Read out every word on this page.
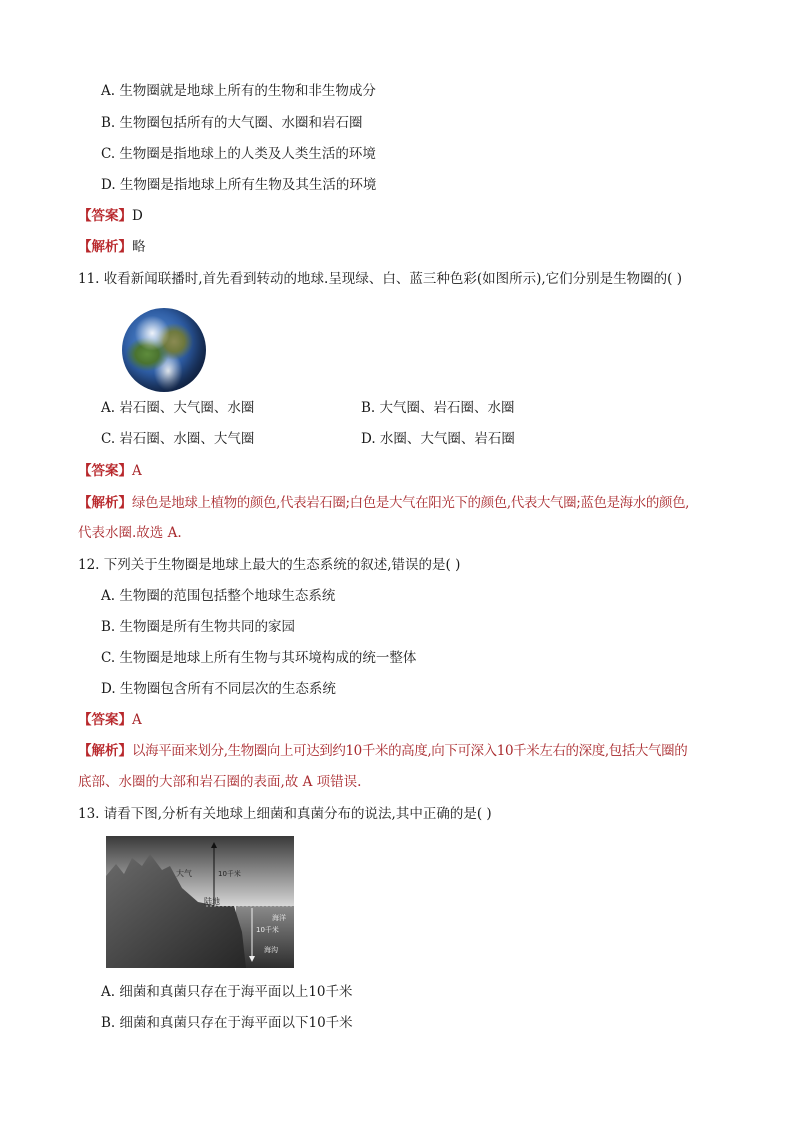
A. 生物圈就是地球上所有的生物和非生物成分
B. 生物圈包括所有的大气圈、水圈和岩石圈
C. 生物圈是指地球上的人类及人类生活的环境
D. 生物圈是指地球上所有生物及其生活的环境
【答案】D
【解析】略
11. 收看新闻联播时,首先看到转动的地球.呈现绿、白、蓝三种色彩(如图所示),它们分别是生物圈的( )
A. 岩石圈、大气圈、水圈	B. 大气圈、岩石圈、水圈
C. 岩石圈、水圈、大气圈	D. 水圈、大气圈、岩石圈
【答案】A
【解析】绿色是地球上植物的颜色,代表岩石圈;白色是大气在阳光下的颜色,代表大气圈;蓝色是海水的颜色,
代表水圈.故选 A.
12. 下列关于生物圈是地球上最大的生态系统的叙述,错误的是( )
A. 生物圈的范围包括整个地球生态系统
B. 生物圈是所有生物共同的家园
C. 生物圈是地球上所有生物与其环境构成的统一整体
D. 生物圈包含所有不同层次的生态系统
【答案】A
【解析】以海平面来划分,生物圈向上可达到约10千米的高度,向下可深入10千米左右的深度,包括大气圈的
底部、水圈的大部和岩石圈的表面,故 A 项错误.
13. 请看下图,分析有关地球上细菌和真菌分布的说法,其中正确的是( )
大气	10千米
陆地
10千米
海洋
海沟
A. 细菌和真菌只存在于海平面以上10千米
B. 细菌和真菌只存在于海平面以下10千米
